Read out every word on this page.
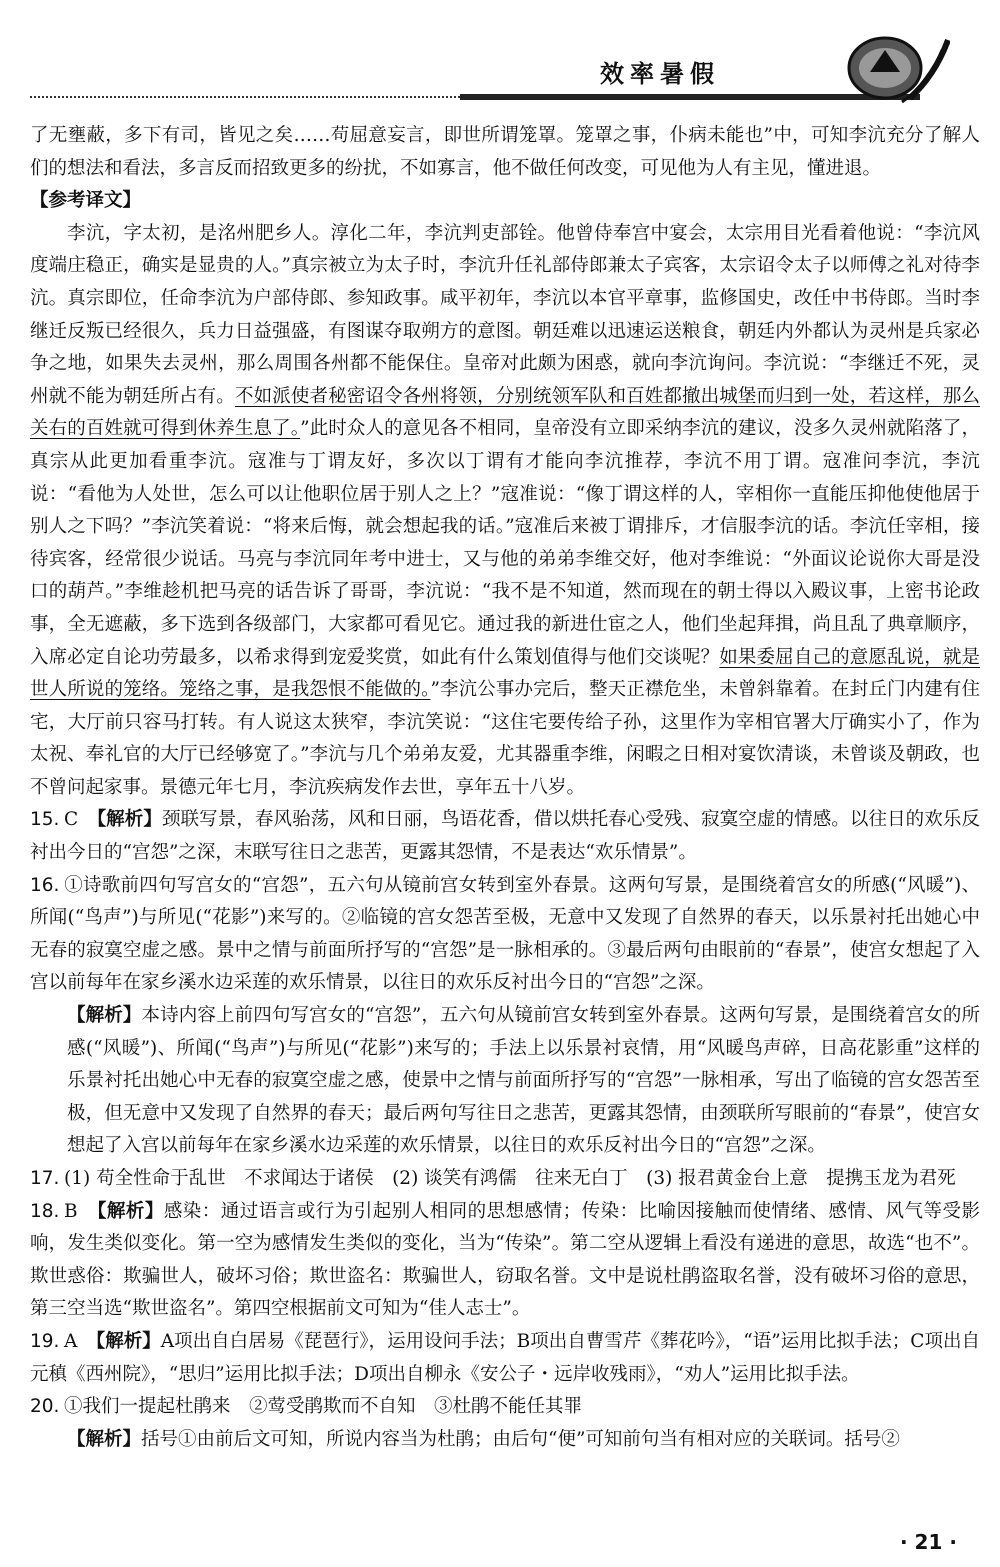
效率暑假

了无壅蔽，多下有司，皆见之矣……苟屈意妄言，即世所谓笼罩。笼罩之事，仆病未能也”中，可知李沆充分了解人们的想法和看法，多言反而招致更多的纷扰，不如寡言，他不做任何改变，可见他为人有主见，懂进退。

【参考译文】

李沆，字太初，是洺州肥乡人。淳化二年，李沆判吏部铨。他曾侍奉宫中宴会，太宗用目光看着他说：“李沆风度端庄稳正，确实是显贵的人。”真宗被立为太子时，李沆升任礼部侍郎兼太子宾客，太宗诏令太子以师傅之礼对待李沆。真宗即位，任命李沆为户部侍郎、参知政事。咸平初年，李沆以本官平章事，监修国史，改任中书侍郎。当时李继迁反叛已经很久，兵力日益强盛，有图谋夺取朔方的意图。朝廷难以迅速运送粮食，朝廷内外都认为灵州是兵家必争之地，如果失去灵州，那么周围各州都不能保住。皇帝对此颇为困惑，就向李沆询问。李沆说：“李继迁不死，灵州就不能为朝廷所占有。不如派使者秘密诏令各州将领，分别统领军队和百姓都撤出城堡而归到一处，若这样，那么关右的百姓就可得到休养生息了。”此时众人的意见各不相同，皇帝没有立即采纳李沆的建议，没多久灵州就陷落了，真宗从此更加看重李沆。寇准与丁谓友好，多次以丁谓有才能向李沆推荐，李沆不用丁谓。寇准问李沆，李沆说：“看他为人处世，怎么可以让他职位居于别人之上？”寇准说：“像丁谓这样的人，宰相你一直能压抑他使他居于别人之下吗？”李沆笑着说：“将来后悔，就会想起我的话。”寇准后来被丁谓排斥，才信服李沆的话。李沆任宰相，接待宾客，经常很少说话。马亮与李沆同年考中进士，又与他的弟弟李维交好，他对李维说：“外面议论说你大哥是没口的葫芦。”李维趁机把马亮的话告诉了哥哥，李沆说：“我不是不知道，然而现在的朝士得以入殿议事，上密书论政事，全无遮蔽，多下选到各级部门，大家都可看见它。通过我的新进仕宦之人，他们坐起拜揖，尚且乱了典章顺序，入席必定自论功劳最多，以希求得到宠爱奖赏，如此有什么策划值得与他们交谈呢？如果委屈自己的意愿乱说，就是世人所说的笼络。笼络之事，是我怨恨不能做的。”李沆公事办完后，整天正襟危坐，未曾斜靠着。在封丘门内建有住宅，大厅前只容马打转。有人说这太狭窄，李沆笑说：“这住宅要传给子孙，这里作为宰相官署大厅确实小了，作为太祝、奉礼官的大厅已经够宽了。”李沆与几个弟弟友爱，尤其器重李维，闲暇之日相对宴饮清谈，未曾谈及朝政，也不曾问起家事。景德元年七月，李沆疾病发作去世，享年五十八岁。

15. C　 【解析】颈联写景，春风骀荡，风和日丽，鸟语花香，借以烘托春心受残、寂寞空虚的情感。以往日的欢乐反衬出今日的“宫怨”之深，末联写往日之悲苦，更露其怨情，不是表达“欢乐情景”。

16. ①诗歌前四句写宫女的“宫怨”，五六句从镜前宫女转到室外春景。这两句写景，是围绕着宫女的所感(“风暖”)、所闻(“鸟声”)与所见(“花影”)来写的。②临镜的宫女怨苦至极，无意中又发现了自然界的春天，以乐景衬托出她心中无春的寂寞空虚之感。景中之情与前面所抒写的“宫怨”是一脉相承的。③最后两句由眼前的“春景”，使宫女想起了入宫以前每年在家乡溪水边采莲的欢乐情景，以往日的欢乐反衬出今日的“宫怨”之深。

【解析】本诗内容上前四句写宫女的“宫怨”，五六句从镜前宫女转到室外春景。这两句写景，是围绕着宫女的所感(“风暖”)、所闻(“鸟声”)与所见(“花影”)来写的；手法上以乐景衬哀情，用“风暖鸟声碎，日高花影重”这样的乐景衬托出她心中无春的寂寞空虚之感，使景中之情与前面所抒写的“宫怨”一脉相承，写出了临镜的宫女怨苦至极，但无意中又发现了自然界的春天；最后两句写往日之悲苦，更露其怨情，由颈联所写眼前的“春景”，使宫女想起了入宫以前每年在家乡溪水边采莲的欢乐情景，以往日的欢乐反衬出今日的“宫怨”之深。

17. (1) 苟全性命于乱世　不求闻达于诸侯　(2) 谈笑有鸿儒　往来无白丁　(3) 报君黄金台上意　提携玉龙为君死

18. B　 【解析】感染：通过语言或行为引起别人相同的思想感情；传染：比喻因接触而使情绪、感情、风气等受影响，发生类似变化。第一空为感情发生类似的变化，当为“传染”。第二空从逻辑上看没有递进的意思，故选“也不”。欺世惑俗：欺骗世人，破坏习俗；欺世盗名：欺骗世人，窃取名誉。文中是说杜鹃盗取名誉，没有破坏习俗的意思，第三空当选“欺世盗名”。第四空根据前文可知为“佳人志士”。

19. A　 【解析】A项出自白居易《琵琶行》，运用设问手法；B项出自曹雪芹《葬花吟》，“语”运用比拟手法；C项出自元稹《西州院》，“思归”运用比拟手法；D项出自柳永《安公子・远岸收残雨》，“劝人”运用比拟手法。

20. ①我们一提起杜鹃来　②莺受鹃欺而不自知　③杜鹃不能任其罪

【解析】括号①由前后文可知，所说内容当为杜鹃；由后句“便”可知前句当有相对应的关联词。括号②

· 21 ·
